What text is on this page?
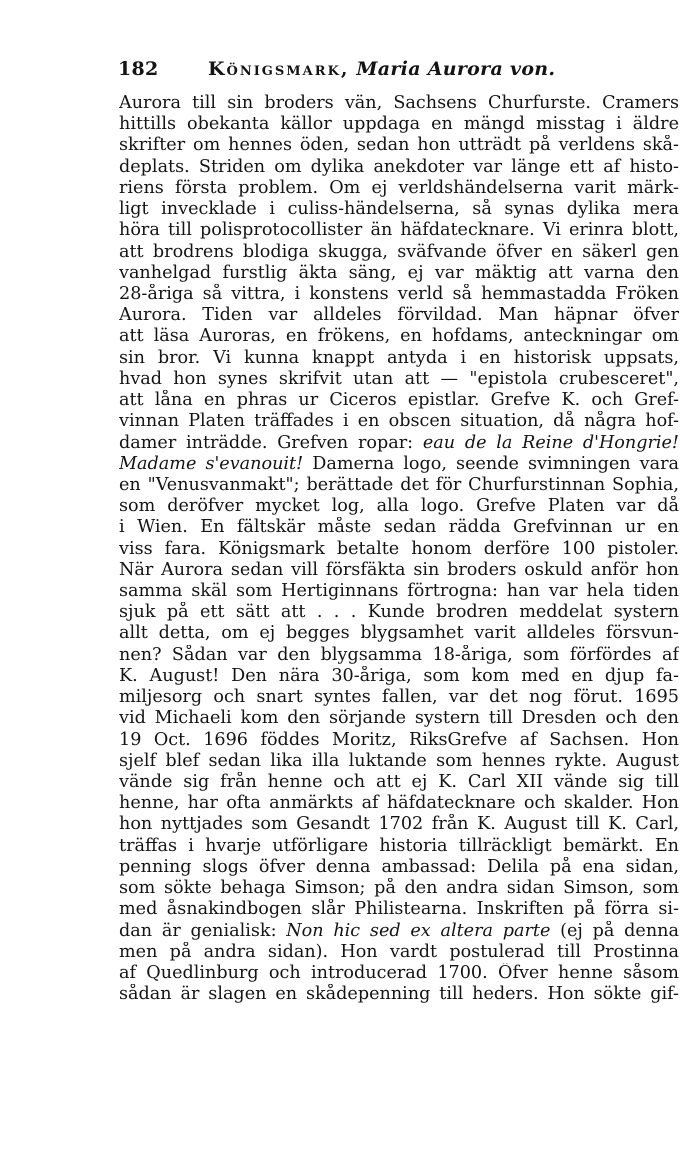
182	Königsmark, Maria Aurora von.
Aurora till sin broders vän, Sachsens Churfurste. Cramers
hittills obekanta källor uppdaga en mängd misstag i äldre
skrifter om hennes öden, sedan hon utträdt på verldens skå-
deplats. Striden om dylika anekdoter var länge ett af histo-
riens första problem. Om ej verldshändelserna varit märk-
ligt invecklade i culiss-händelserna, så synas dylika mera
höra till polisprotocollister än häfdatecknare. Vi erinra blott,
att brodrens blodiga skugga, sväfvande öfver en säkerl gen
vanhelgad furstlig äkta säng, ej var mäktig att varna den
28-åriga så vittra, i konstens verld så hemmastadda Fröken
Aurora. Tiden var alldeles förvildad. Man häpnar öfver
att läsa Auroras, en frökens, en hofdams, anteckningar om
sin bror. Vi kunna knappt antyda i en historisk uppsats,
hvad hon synes skrifvit utan att — "epistola crubesceret",
att låna en phras ur Ciceros epistlar. Grefve K. och Gref-
vinnan Platen träffades i en obscen situation, då några hof-
damer inträdde. Grefven ropar: eau de la Reine d'Hongrie!
Madame s'evanouit! Damerna logo, seende svimningen vara
en "Venusvanmakt"; berättade det för Churfurstinnan Sophia,
som deröfver mycket log, alla logo. Grefve Platen var då
i Wien. En fältskär måste sedan rädda Grefvinnan ur en
viss fara. Königsmark betalte honom derföre 100 pistoler.
När Aurora sedan vill försfäkta sin broders oskuld anför hon
samma skäl som Hertiginnans förtrogna: han var hela tiden
sjuk på ett sätt att . . . Kunde brodren meddelat systern
allt detta, om ej begges blygsamhet varit alldeles försvun-
nen? Sådan var den blygsamma 18-åriga, som förfördes af
K. August! Den nära 30-åriga, som kom med en djup fa-
miljesorg och snart syntes fallen, var det nog förut. 1695
vid Michaeli kom den sörjande systern till Dresden och den
19 Oct. 1696 föddes Moritz, RiksGrefve af Sachsen. Hon
sjelf blef sedan lika illa luktande som hennes rykte. August
vände sig från henne och att ej K. Carl XII vände sig till
henne, har ofta anmärkts af häfdatecknare och skalder. Hon
hon nyttjades som Gesandt 1702 från K. August till K. Carl,
träffas i hvarje utförligare historia tillräckligt bemärkt. En
penning slogs öfver denna ambassad: Delila på ena sidan,
som sökte behaga Simson; på den andra sidan Simson, som
med åsnakindbogen slår Philistearna. Inskriften på förra si-
dan är genialisk: Non hic sed ex altera parte (ej på denna
men på andra sidan). Hon vardt postulerad till Prostinna
af Quedlinburg och introducerad 1700. Öfver henne såsom
sådan är slagen en skådepenning till heders. Hon sökte gif-
